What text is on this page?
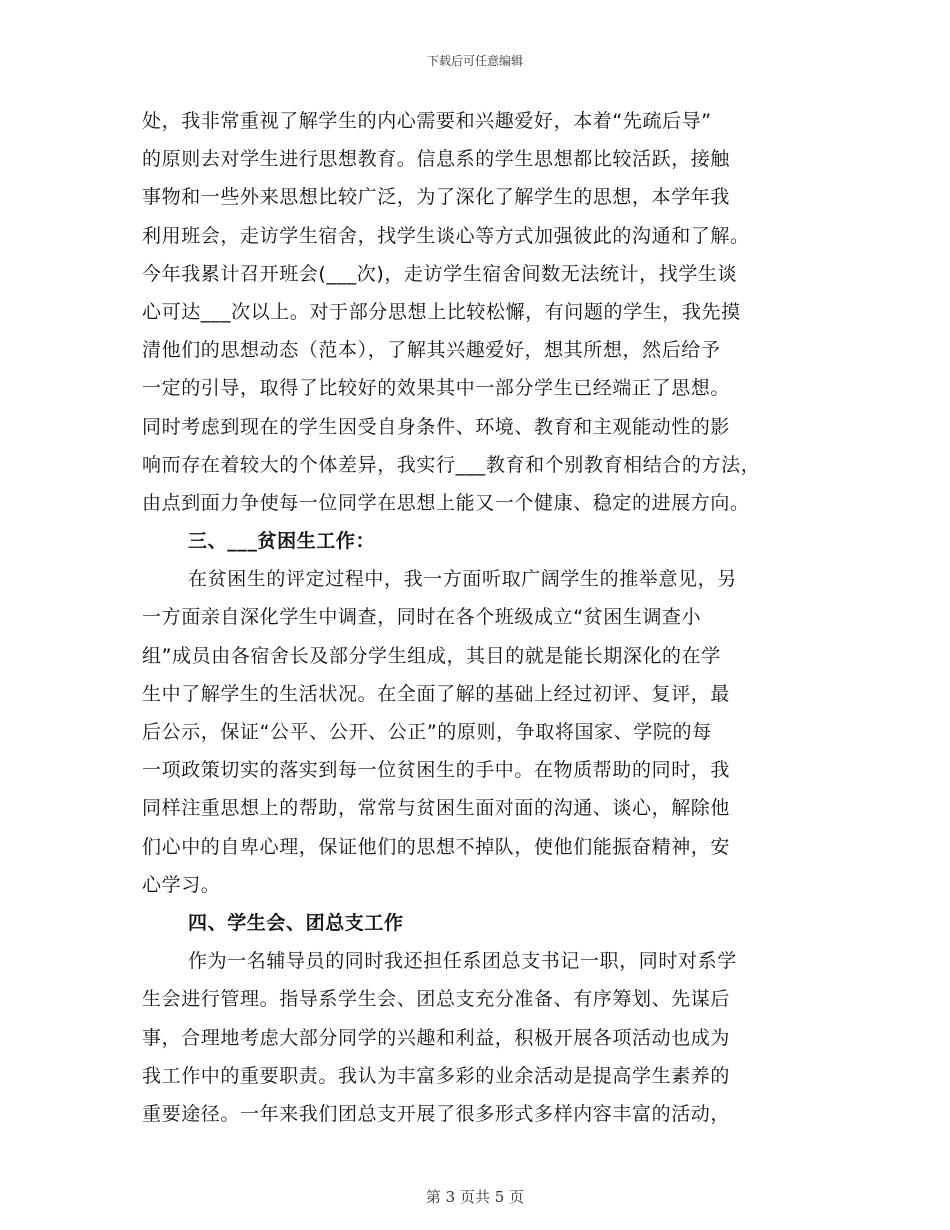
下载后可任意编辑
处，我非常重视了解学生的内心需要和兴趣爱好，本着“先疏后导”
的原则去对学生进行思想教育。信息系的学生思想都比较活跃，接触
事物和一些外来思想比较广泛，为了深化了解学生的思想，本学年我
利用班会，走访学生宿舍，找学生谈心等方式加强彼此的沟通和了解。
今年我累计召开班会(___次)，走访学生宿舍间数无法统计，找学生谈
心可达___次以上。对于部分思想上比较松懈，有问题的学生，我先摸
清他们的思想动态（范本），了解其兴趣爱好，想其所想，然后给予
一定的引导，取得了比较好的效果其中一部分学生已经端正了思想。
同时考虑到现在的学生因受自身条件、环境、教育和主观能动性的影
响而存在着较大的个体差异，我实行___教育和个别教育相结合的方法，
由点到面力争使每一位同学在思想上能又一个健康、稳定的进展方向。
三、___贫困生工作：
在贫困生的评定过程中，我一方面听取广阔学生的推举意见，另
一方面亲自深化学生中调查，同时在各个班级成立“贫困生调查小
组”成员由各宿舍长及部分学生组成，其目的就是能长期深化的在学
生中了解学生的生活状况。在全面了解的基础上经过初评、复评，最
后公示，保证“公平、公开、公正”的原则，争取将国家、学院的每
一项政策切实的落实到每一位贫困生的手中。在物质帮助的同时，我
同样注重思想上的帮助，常常与贫困生面对面的沟通、谈心，解除他
们心中的自卑心理，保证他们的思想不掉队，使他们能振奋精神，安
心学习。
四、学生会、团总支工作
作为一名辅导员的同时我还担任系团总支书记一职，同时对系学
生会进行管理。指导系学生会、团总支充分准备、有序筹划、先谋后
事，合理地考虑大部分同学的兴趣和利益，积极开展各项活动也成为
我工作中的重要职责。我认为丰富多彩的业余活动是提高学生素养的
重要途径。一年来我们团总支开展了很多形式多样内容丰富的活动，
第 3 页共 5 页
